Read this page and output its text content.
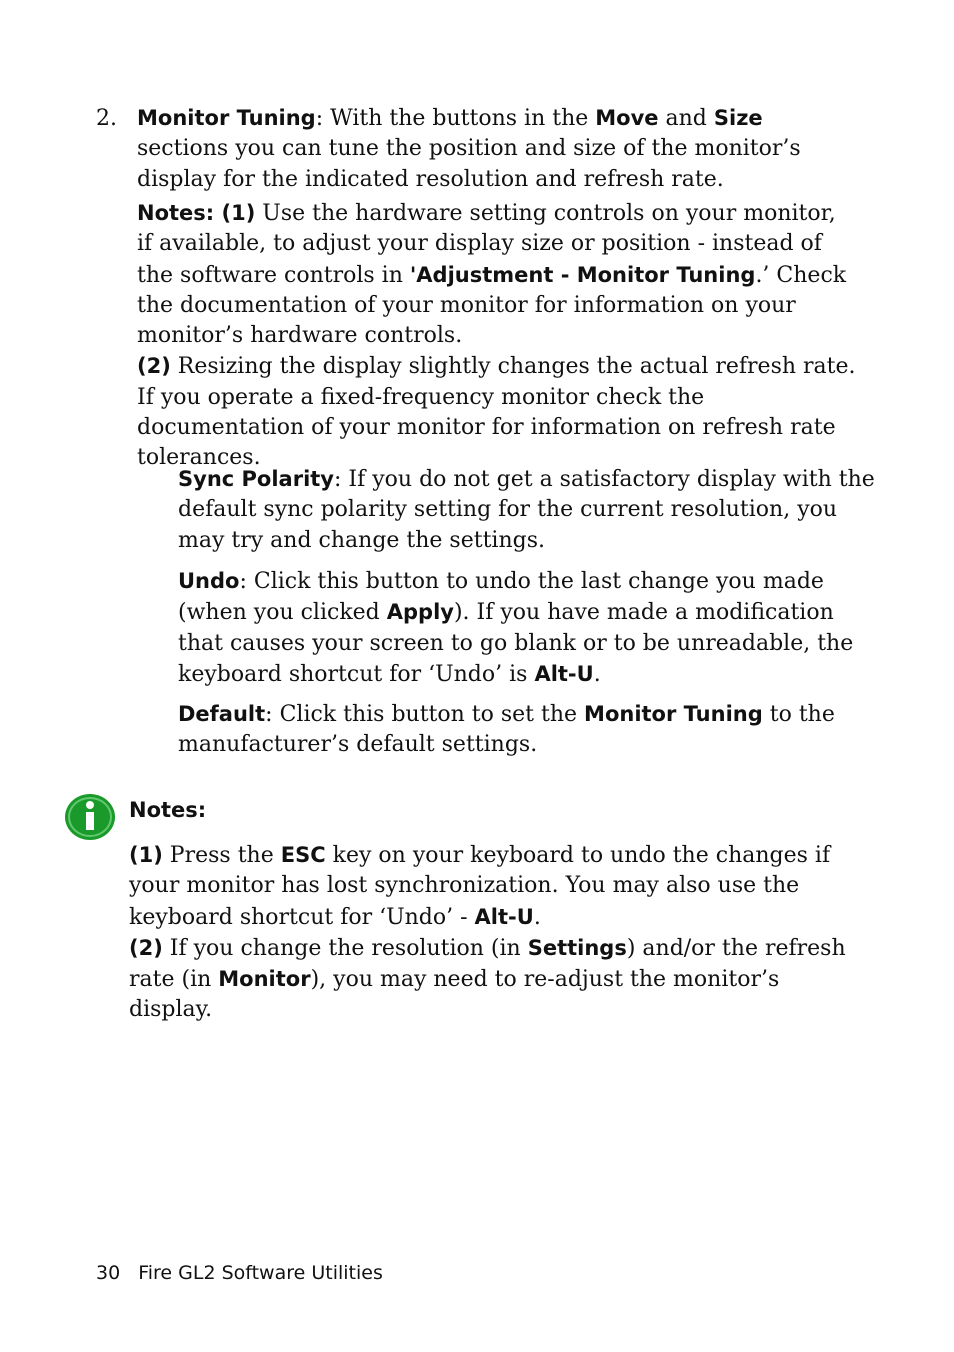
2. Monitor Tuning: With the buttons in the Move and Size sections you can tune the position and size of the monitor’s display for the indicated resolution and refresh rate.
Notes: (1) Use the hardware setting controls on your monitor, if available, to adjust your display size or position - instead of the software controls in 'Adjustment - Monitor Tuning.’ Check the documentation of your monitor for information on your monitor’s hardware controls.
(2) Resizing the display slightly changes the actual refresh rate. If you operate a fixed-frequency monitor check the documentation of your monitor for information on refresh rate tolerances.
Sync Polarity: If you do not get a satisfactory display with the default sync polarity setting for the current resolution, you may try and change the settings.
Undo: Click this button to undo the last change you made (when you clicked Apply). If you have made a modification that causes your screen to go blank or to be unreadable, the keyboard shortcut for ‘Undo’ is Alt-U.
Default: Click this button to set the Monitor Tuning to the manufacturer’s default settings.
Notes:
(1) Press the ESC key on your keyboard to undo the changes if your monitor has lost synchronization. You may also use the keyboard shortcut for ‘Undo’ - Alt-U.
(2) If you change the resolution (in Settings) and/or the refresh rate (in Monitor), you may need to re-adjust the monitor’s display.
30 Fire GL2 Software Utilities
